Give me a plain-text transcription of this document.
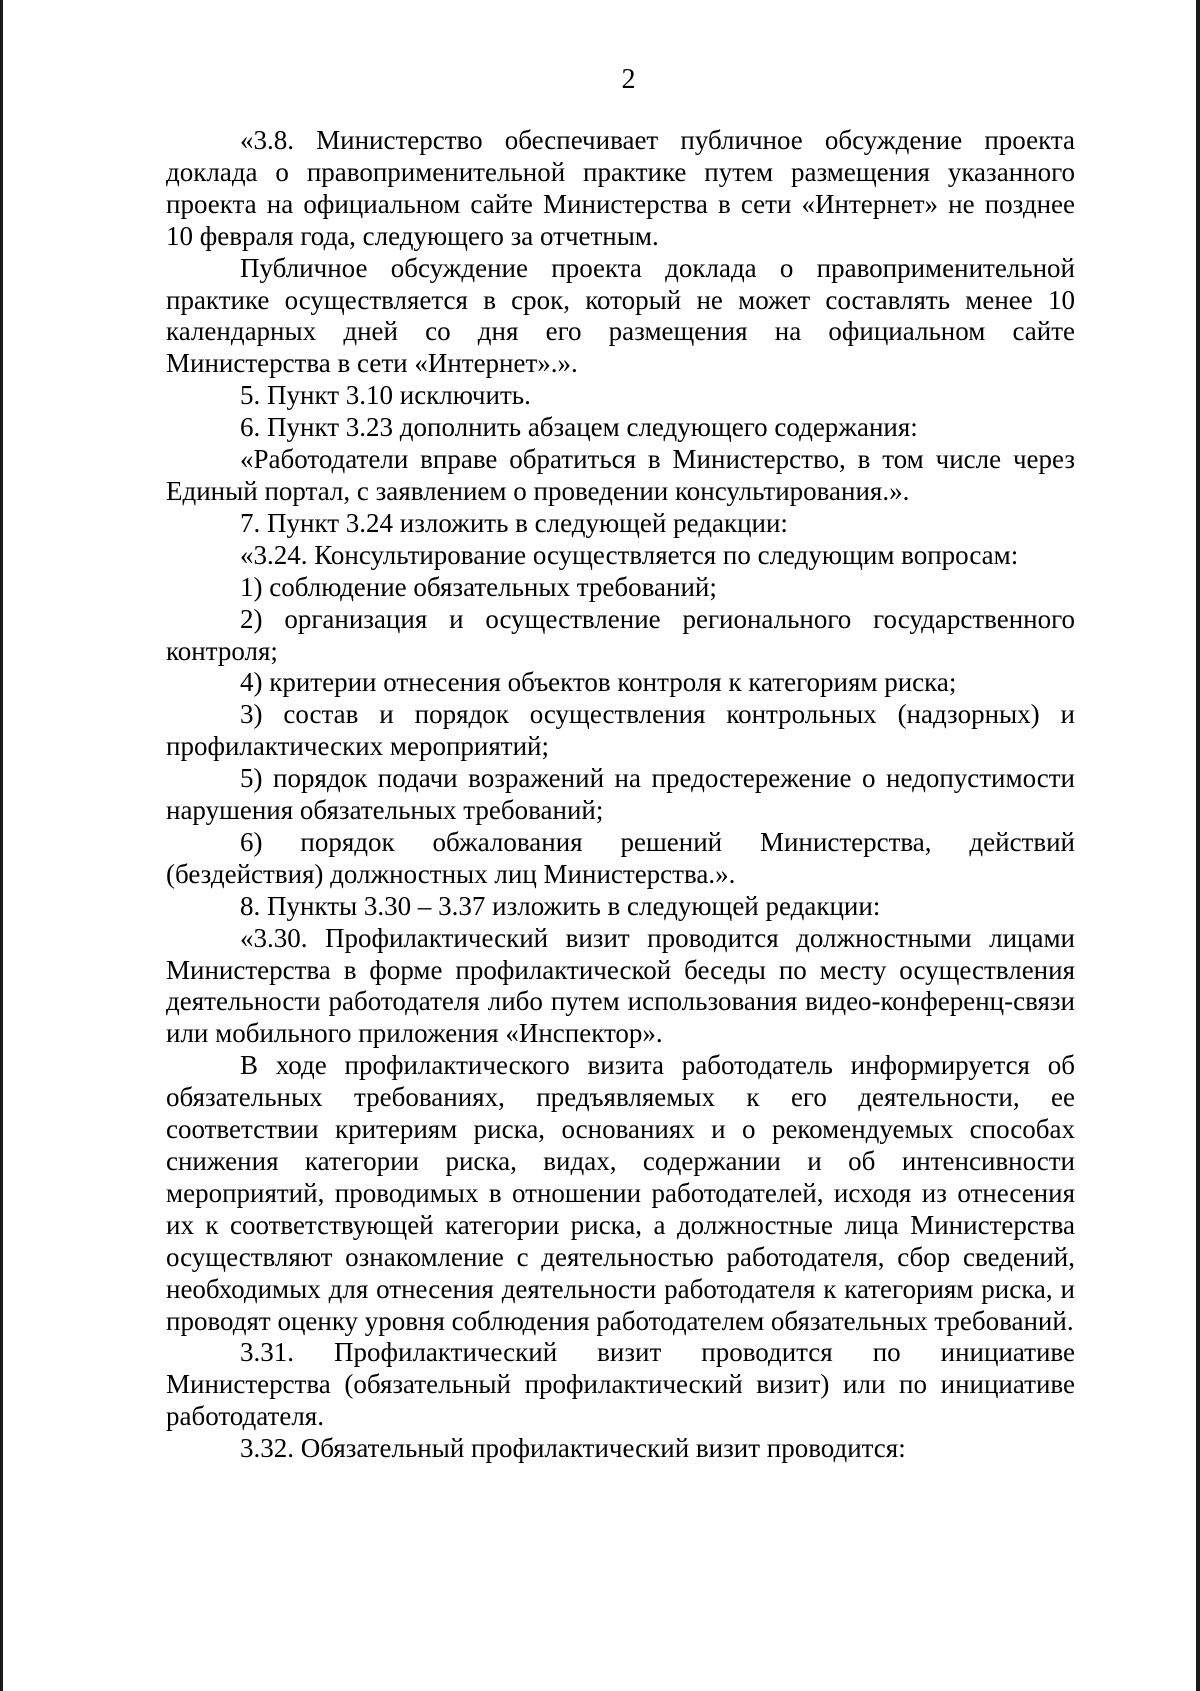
2

«3.8. Министерство обеспечивает публичное обсуждение проекта доклада о правоприменительной практике путем размещения указанного проекта на официальном сайте Министерства в сети «Интернет» не позднее 10 февраля года, следующего за отчетным.

Публичное обсуждение проекта доклада о правоприменительной практике осуществляется в срок, который не может составлять менее 10 календарных дней со дня его размещения на официальном сайте Министерства в сети «Интернет».».

5. Пункт 3.10 исключить.

6. Пункт 3.23 дополнить абзацем следующего содержания:

«Работодатели вправе обратиться в Министерство, в том числе через Единый портал, с заявлением о проведении консультирования.».

7. Пункт 3.24 изложить в следующей редакции:

«3.24. Консультирование осуществляется по следующим вопросам:

1) соблюдение обязательных требований;

2) организация и осуществление регионального государственного контроля;

4) критерии отнесения объектов контроля к категориям риска;

3) состав и порядок осуществления контрольных (надзорных) и профилактических мероприятий;

5) порядок подачи возражений на предостережение о недопустимости нарушения обязательных требований;

6) порядок обжалования решений Министерства, действий (бездействия) должностных лиц Министерства.».

8. Пункты 3.30 – 3.37 изложить в следующей редакции:

«3.30. Профилактический визит проводится должностными лицами Министерства в форме профилактической беседы по месту осуществления деятельности работодателя либо путем использования видео-конференц-связи или мобильного приложения «Инспектор».

В ходе профилактического визита работодатель информируется об обязательных требованиях, предъявляемых к его деятельности, ее соответствии критериям риска, основаниях и о рекомендуемых способах снижения категории риска, видах, содержании и об интенсивности мероприятий, проводимых в отношении работодателей, исходя из отнесения их к соответствующей категории риска, а должностные лица Министерства осуществляют ознакомление с деятельностью работодателя, сбор сведений, необходимых для отнесения деятельности работодателя к категориям риска, и проводят оценку уровня соблюдения работодателем обязательных требований.

3.31. Профилактический визит проводится по инициативе Министерства (обязательный профилактический визит) или по инициативе работодателя.

3.32. Обязательный профилактический визит проводится:
